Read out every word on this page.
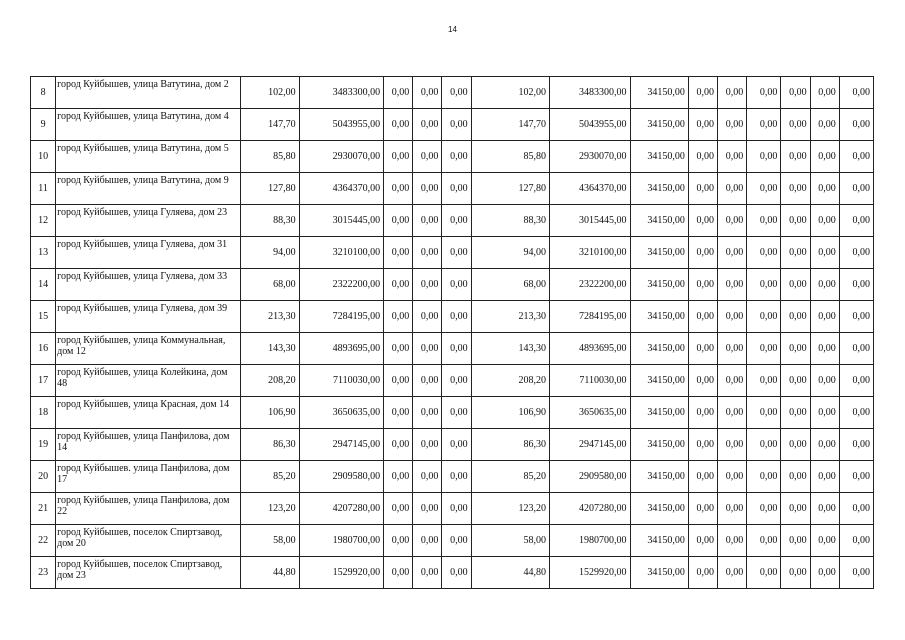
14
8	город Куйбышев, улица Ватутина, дом 2	102,00	3483300,00	0,00	0,00	0,00	102,00	3483300,00	34150,00	0,00	0,00	0,00	0,00	0,00	0,00
9	город Куйбышев, улица Ватутина, дом 4	147,70	5043955,00	0,00	0,00	0,00	147,70	5043955,00	34150,00	0,00	0,00	0,00	0,00	0,00	0,00
10	город Куйбышев, улица Ватутина, дом 5	85,80	2930070,00	0,00	0,00	0,00	85,80	2930070,00	34150,00	0,00	0,00	0,00	0,00	0,00	0,00
11	город Куйбышев, улица Ватутина, дом 9	127,80	4364370,00	0,00	0,00	0,00	127,80	4364370,00	34150,00	0,00	0,00	0,00	0,00	0,00	0,00
12	город Куйбышев, улица Гуляева, дом 23	88,30	3015445,00	0,00	0,00	0,00	88,30	3015445,00	34150,00	0,00	0,00	0,00	0,00	0,00	0,00
13	город Куйбышев, улица Гуляева, дом 31	94,00	3210100,00	0,00	0,00	0,00	94,00	3210100,00	34150,00	0,00	0,00	0,00	0,00	0,00	0,00
14	город Куйбышев, улица Гуляева, дом 33	68,00	2322200,00	0,00	0,00	0,00	68,00	2322200,00	34150,00	0,00	0,00	0,00	0,00	0,00	0,00
15	город Куйбышев, улица Гуляева, дом 39	213,30	7284195,00	0,00	0,00	0,00	213,30	7284195,00	34150,00	0,00	0,00	0,00	0,00	0,00	0,00
16	город Куйбышев, улица Коммунальная, дом 12	143,30	4893695,00	0,00	0,00	0,00	143,30	4893695,00	34150,00	0,00	0,00	0,00	0,00	0,00	0,00
17	город Куйбышев, улица Колейкина, дом 48	208,20	7110030,00	0,00	0,00	0,00	208,20	7110030,00	34150,00	0,00	0,00	0,00	0,00	0,00	0,00
18	город Куйбышев, улица Красная, дом 14	106,90	3650635,00	0,00	0,00	0,00	106,90	3650635,00	34150,00	0,00	0,00	0,00	0,00	0,00	0,00
19	город Куйбышев, улица Панфилова, дом 14	86,30	2947145,00	0,00	0,00	0,00	86,30	2947145,00	34150,00	0,00	0,00	0,00	0,00	0,00	0,00
20	город Куйбышев. улица Панфилова, дом 17	85,20	2909580,00	0,00	0,00	0,00	85,20	2909580,00	34150,00	0,00	0,00	0,00	0,00	0,00	0,00
21	город Куйбышев, улица Панфилова, дом 22	123,20	4207280,00	0,00	0,00	0,00	123,20	4207280,00	34150,00	0,00	0,00	0,00	0,00	0,00	0,00
22	город Куйбышев, поселок Спиртзавод, дом 20	58,00	1980700,00	0,00	0,00	0,00	58,00	1980700,00	34150,00	0,00	0,00	0,00	0,00	0,00	0,00
23	город Куйбышев, поселок Спиртзавод, дом 23	44,80	1529920,00	0,00	0,00	0,00	44,80	1529920,00	34150,00	0,00	0,00	0,00	0,00	0,00	0,00
